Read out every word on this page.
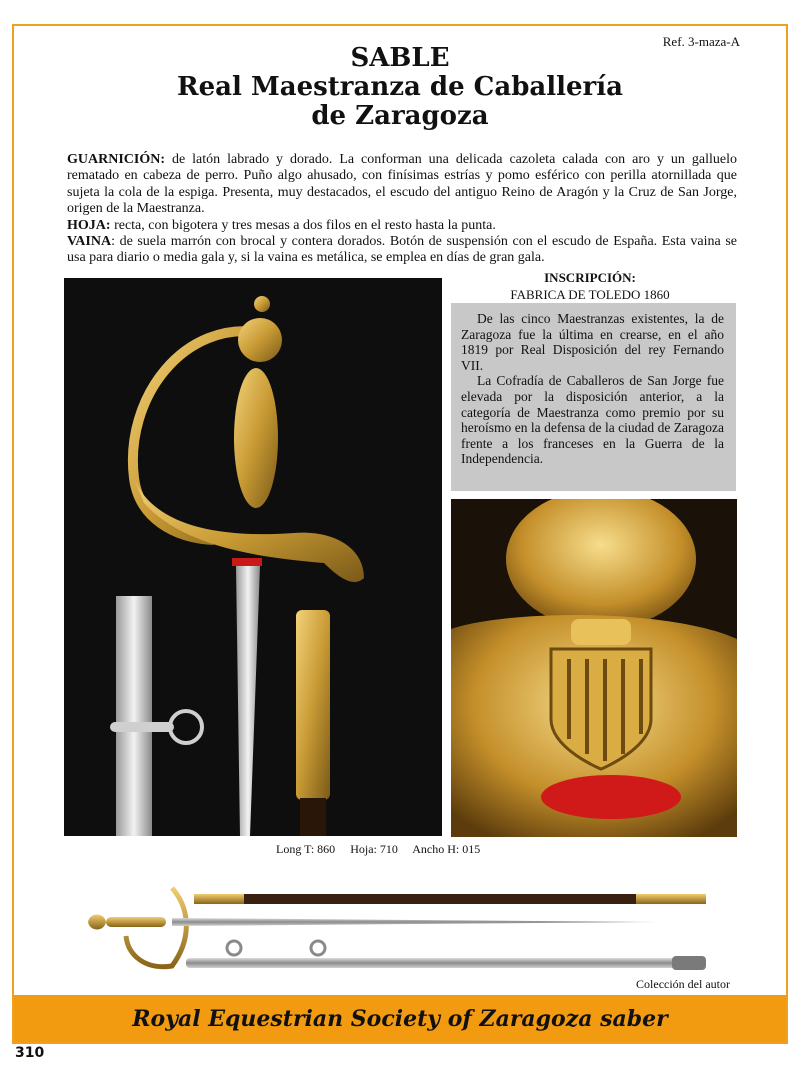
Ref. 3-maza-A
SABLE
Real Maestranza de Caballería
de Zaragoza
GUARNICIÓN: de latón labrado y dorado. La conforman una delicada cazoleta calada con aro y un galluelo rematado en cabeza de perro. Puño algo ahusado, con finísimas estrías y pomo esférico con perilla atornillada que sujeta la cola de la espiga. Presenta, muy destacados, el escudo del antiguo Reino de Aragón y la Cruz de San Jorge, origen de la Maestranza.
HOJA: recta, con bigotera y tres mesas a dos filos en el resto hasta la punta.
VAINA: de suela marrón con brocal y contera dorados. Botón de suspensión con el escudo de España. Esta vaina se usa para diario o media gala y, si la vaina es metálica, se emplea en días de gran gala.
INSCRIPCIÓN:
FABRICA DE TOLEDO 1860

De las cinco Maestranzas existentes, la de Zaragoza fue la última en crearse, en el año 1819 por Real Disposición del rey Fernando VII.

La Cofradía de Caballeros de San Jorge fue elevada por la disposición anterior, a la categoría de Maestranza como premio por su heroísmo en la defensa de la ciudad de Zaragoza frente a los franceses en la Guerra de la Independencia.

Long T: 860 Hoja: 710 Ancho H: 015
Colección del autor
Royal Equestrian Society of Zaragoza saber
310
